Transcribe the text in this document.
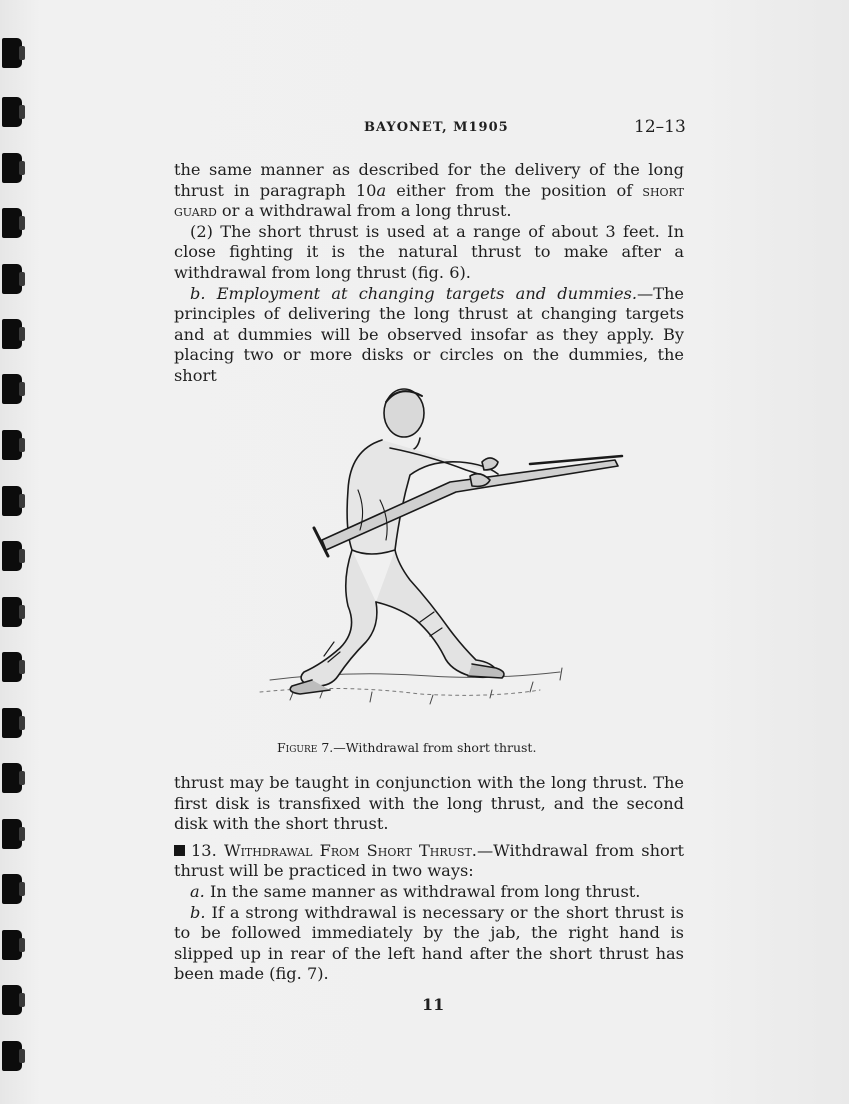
BAYONET, M1905	12–13

the same manner as described for the delivery of the long thrust in paragraph 10a either from the position of short guard or a withdrawal from a long thrust.

(2) The short thrust is used at a range of about 3 feet. In close fighting it is the natural thrust to make after a withdrawal from long thrust (fig. 6).

b. Employment at changing targets and dummies.—The principles of delivering the long thrust at changing targets and at dummies will be observed insofar as they apply. By placing two or more disks or circles on the dummies, the short

Figure 7.—Withdrawal from short thrust.

thrust may be taught in conjunction with the long thrust. The first disk is transfixed with the long thrust, and the second disk with the short thrust.

13. Withdrawal From Short Thrust.—Withdrawal from short thrust will be practiced in two ways:

a. In the same manner as withdrawal from long thrust.

b. If a strong withdrawal is necessary or the short thrust is to be followed immediately by the jab, the right hand is slipped up in rear of the left hand after the short thrust has been made (fig. 7).

11
